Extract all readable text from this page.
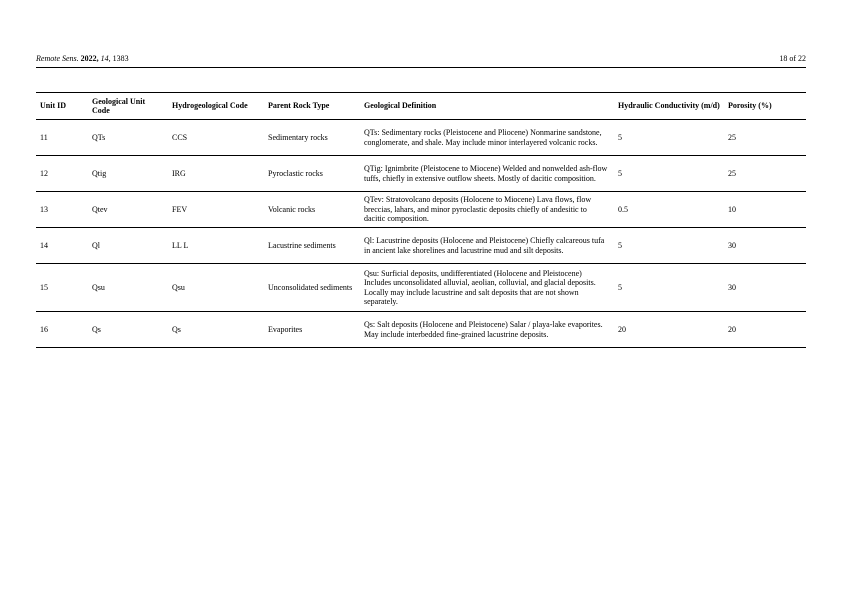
Remote Sens. 2022, 14, 1383	18 of 22
Unit ID	Geological Unit Code	Hydrogeological Code	Parent Rock Type	Geological Definition	Hydraulic Conductivity (m/d)	Porosity (%)
11	QTs	CCS	Sedimentary rocks	QTs: Sedimentary rocks (Pleistocene and Pliocene) Nonmarine sandstone, conglomerate, and shale. May include minor interlayered volcanic rocks.	5	25
12	Qtig	IRG	Pyroclastic rocks	QTig: Ignimbrite (Pleistocene to Miocene) Welded and nonwelded ash-flow tuffs, chiefly in extensive outflow sheets. Mostly of dacitic composition.	5	25
13	Qtev	FEV	Volcanic rocks	QTev: Stratovolcano deposits (Holocene to Miocene) Lava flows, flow breccias, lahars, and minor pyroclastic deposits chiefly of andesitic to dacitic composition.	0.5	10
14	Ql	LL L	Lacustrine sediments	Ql: Lacustrine deposits (Holocene and Pleistocene) Chiefly calcareous tufa in ancient lake shorelines and lacustrine mud and silt deposits.	5	30
15	Qsu	Qsu	Unconsolidated sediments	Qsu: Surficial deposits, undifferentiated (Holocene and Pleistocene) Includes unconsolidated alluvial, aeolian, colluvial, and glacial deposits. Locally may include lacustrine and salt deposits that are not shown separately.	5	30
16	Qs	Qs	Evaporites	Qs: Salt deposits (Holocene and Pleistocene) Salar / playa-lake evaporites. May include interbedded fine-grained lacustrine deposits.	20	20
